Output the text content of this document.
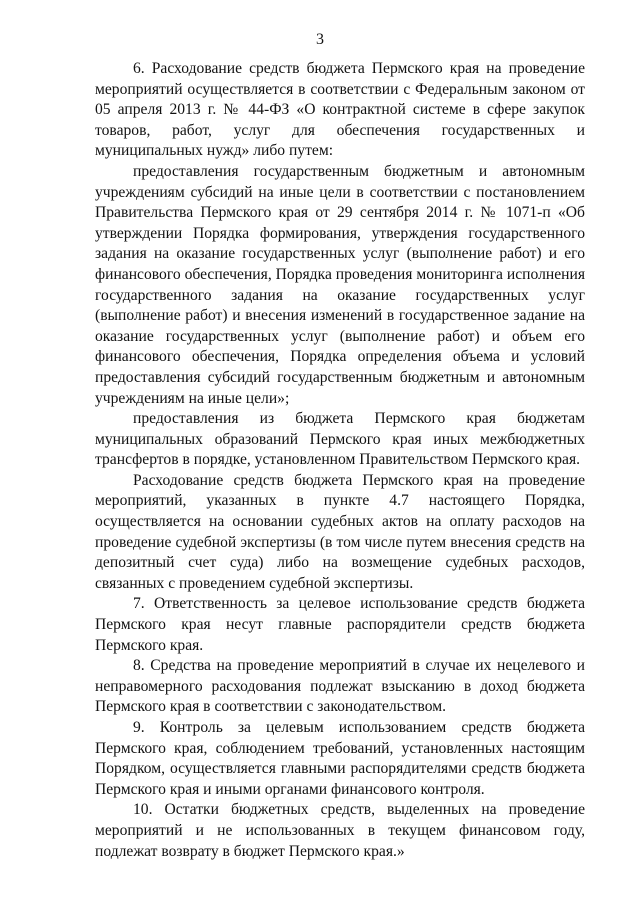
3

6. Расходование средств бюджета Пермского края на проведение мероприятий осуществляется в соответствии с Федеральным законом от 05 апреля 2013 г. № 44-ФЗ «О контрактной системе в сфере закупок товаров, работ, услуг для обеспечения государственных и муниципальных нужд» либо путем:

предоставления государственным бюджетным и автономным учреждениям субсидий на иные цели в соответствии с постановлением Правительства Пермского края от 29 сентября 2014 г. № 1071-п «Об утверждении Порядка формирования, утверждения государственного задания на оказание государственных услуг (выполнение работ) и его финансового обеспечения, Порядка проведения мониторинга исполнения государственного задания на оказание государственных услуг (выполнение работ) и внесения изменений в государственное задание на оказание государственных услуг (выполнение работ) и объем его финансового обеспечения, Порядка определения объема и условий предоставления субсидий государственным бюджетным и автономным учреждениям на иные цели»;

предоставления из бюджета Пермского края бюджетам муниципальных образований Пермского края иных межбюджетных трансфертов в порядке, установленном Правительством Пермского края.

Расходование средств бюджета Пермского края на проведение мероприятий, указанных в пункте 4.7 настоящего Порядка, осуществляется на основании судебных актов на оплату расходов на проведение судебной экспертизы (в том числе путем внесения средств на депозитный счет суда) либо на возмещение судебных расходов, связанных с проведением судебной экспертизы.

7. Ответственность за целевое использование средств бюджета Пермского края несут главные распорядители средств бюджета Пермского края.

8. Средства на проведение мероприятий в случае их нецелевого и неправомерного расходования подлежат взысканию в доход бюджета Пермского края в соответствии с законодательством.

9. Контроль за целевым использованием средств бюджета Пермского края, соблюдением требований, установленных настоящим Порядком, осуществляется главными распорядителями средств бюджета Пермского края и иными органами финансового контроля.

10. Остатки бюджетных средств, выделенных на проведение мероприятий и не использованных в текущем финансовом году, подлежат возврату в бюджет Пермского края.»
